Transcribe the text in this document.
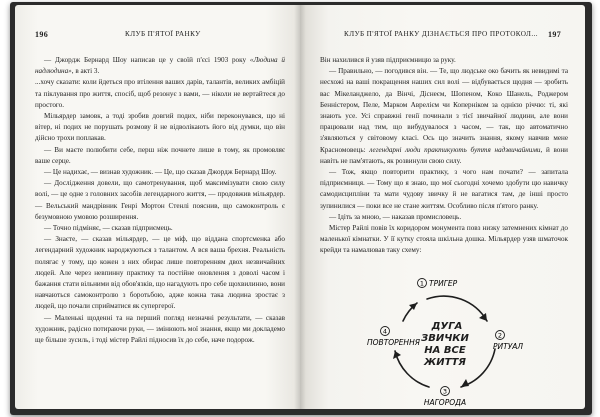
196	КЛУБ П'ЯТОЇ РАНКУ

— Джордж Бернард Шоу написав це у своїй п'єсі 1903 року «Людина й надлюдина», в акті 3.

...хочу сказати: коли йдеться про втілення ваших дарів, талантів, великих амбіцій та піклування про життя, спосіб, щоб резонує з вами, — ніколи не вертайтеся до простого.

Мільярдер замовк, а тоді зробив довгий подих, ніби переконувався, що ні вітер, ні подих не порушать розмову й не відволікають його від думки, що він дійсно трохи поплакав.

— Ви маєте полюбити себе, перш ніж почнете лише в тому, як промовляє ваше серце.

— Це надихає, — визнав художник. — Це, що сказав Джордж Бернард Шоу.

— Дослідження довели, що самотренування, щоб максимізувати свою силу волі, — це одне з головних засобів легендарного життя, — продовжив мільярдер. — Вельський мандрівник Генрі Мортон Стенлі пояснив, що самоконтроль є безумовною умовою розширення.

— Точно підміняє, — сказав підприємець.

— Знаєте, — сказав мільярдер, — це міф, що віддана спортсменка або легендарний художник народжуються з талантом. А вся ваша брехня. Реальність полягає у тому, що кожен з них обирає лише повторенням двох незвичайних людей. Але через невпинну практику та постійне оновлення з доволі часом і бажання стати вільними від обов'язків, що нагадують про себе щохвилинно, вони навчаються самоконтролю з боротьбою, адже кожна така людина зростає з людей, що почали сприйматися як супергерої.

— Маленькі щоденні та на перший погляд незначні результати, — сказав художник, радісно потираючи руки, — змінюють мої знання, якщо ми докладемо ще більше зусиль, і тоді містер Райлі підносив їх до себе, наче подорож.

КЛУБ П'ЯТОЇ РАНКУ ДІЗНАЄТЬСЯ ПРО ПРОТОКОЛ... 197

Він нахилився й узяв підприємницю за руку.

— Правильно, — погодився він. — Те, що людське око бачить як невидимі та несхожі на ваші покращення наших сил волі — відбувається щодня — зробить вас Мікеланджело, да Вінчі, Діснеєм, Шопеном, Коко Шанель, Роджером Бенністером, Пеле, Марком Аврелієм чи Коперніком за однією річчю: ті, які знають усе. Усі справжні генії починали з тієї звичайної людини, але вони працювали над тим, що вибудувалося з часом, — так, що автоматично з'являються у світовому класі. Ось що значить знання, якому навчив мене Красномовець: легендарні люди практикують буття надзвичайними, й вони навіть не пам'ятають, як розвинули свою силу.

— Тож, якщо повторити практику, з чого нам почати? — запитала підприємниця. — Тому що я знаю, що мої сьогодні хочемо здобути цю навичку самодисципліни та мати чудову звичку й не вагатися там, де інші просто зупинилися — поки все не стане життям. Особливо після п'ятого ранку.

— Ідіть за мною, — наказав промисловець.

Містер Райлі повів їх коридором монумента повз низку затемнених кімнат до маленької кімнатки. У її кутку стояла шкільна дошка. Мільярдер узяв шматочок крейди та намалював таку схему:

ДУГА
ЗВИЧКИ
НА ВСЕ
ЖИТТЯ
1 ТРИГЕР
2
РИТУАЛ
3
НАГОРОДА
4
ПОВТОРЕННЯ
